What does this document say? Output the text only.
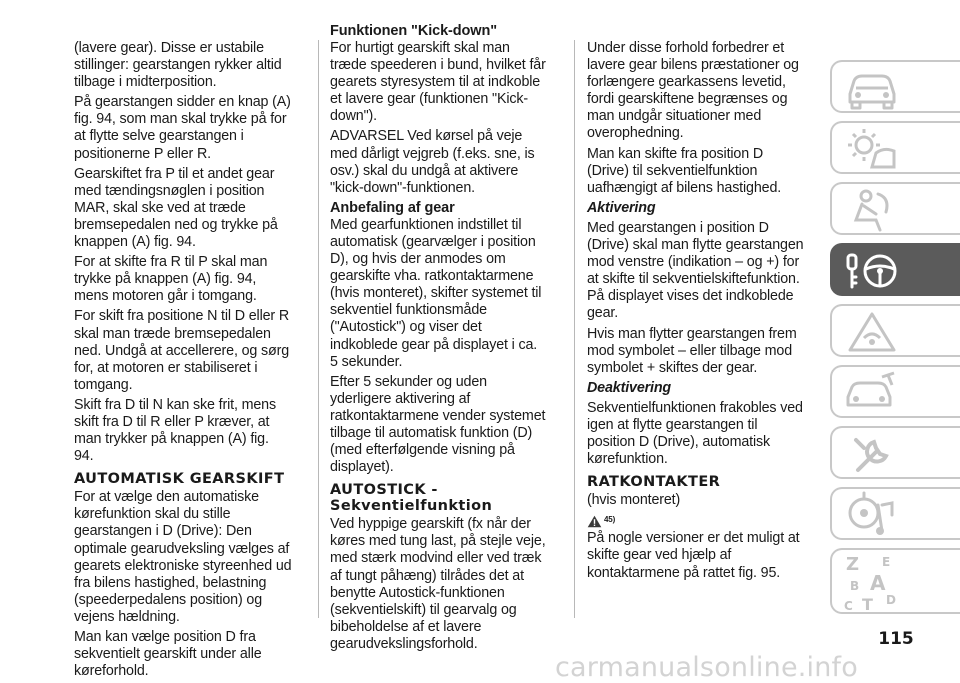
(lavere gear). Disse er ustabile stillinger: gearstangen rykker altid tilbage i midterposition.

På gearstangen sidder en knap (A) fig. 94, som man skal trykke på for at flytte selve gearstangen i positionerne P eller R.

Gearskiftet fra P til et andet gear med tændingsnøglen i position MAR, skal ske ved at træde bremsepedalen ned og trykke på knappen (A) fig. 94.

For at skifte fra R til P skal man trykke på knappen (A) fig. 94, mens motoren går i tomgang.

For skift fra positione N til D eller R skal man træde bremsepedalen ned. Undgå at accellerere, og sørg for, at motoren er stabiliseret i tomgang.

Skift fra D til N kan ske frit, mens skift fra D til R eller P kræver, at man trykker på knappen (A) fig. 94.

AUTOMATISK GEARSKIFT

For at vælge den automatiske kørefunktion skal du stille gearstangen i D (Drive): Den optimale gearudveksling vælges af gearets elektroniske styreenhed ud fra bilens hastighed, belastning (speederpedalens position) og vejens hældning.

Man kan vælge position D fra sekventielt gearskift under alle køreforhold.

Funktionen "Kick-down"

For hurtigt gearskift skal man træde speederen i bund, hvilket får gearets styresystem til at indkoble et lavere gear (funktionen "Kick-down").

ADVARSEL Ved kørsel på veje med dårligt vejgreb (f.eks. sne, is osv.) skal du undgå at aktivere "kick-down"-funktionen.

Anbefaling af gear

Med gearfunktionen indstillet til automatisk (gearvælger i position D), og hvis der anmodes om gearskifte vha. ratkontaktarmene (hvis monteret), skifter systemet til sekventiel funktionsmåde ("Autostick") og viser det indkoblede gear på displayet i ca. 5 sekunder.

Efter 5 sekunder og uden yderligere aktivering af ratkontaktarmene vender systemet tilbage til automatisk funktion (D) (med efterfølgende visning på displayet).

AUTOSTICK -
Sekventielfunktion

Ved hyppige gearskift (fx når der køres med tung last, på stejle veje, med stærk modvind eller ved træk af tungt påhæng) tilrådes det at benytte Autostick-funktionen (sekventielskift) til gearvalg og bibeholdelse af et lavere gearudvekslingsforhold.

Under disse forhold forbedrer et lavere gear bilens præstationer og forlængere gearkassens levetid, fordi gearskiftene begrænses og man undgår situationer med overophedning.

Man kan skifte fra position D (Drive) til sekventielfunktion uafhængigt af bilens hastighed.

Aktivering

Med gearstangen i position D (Drive) skal man flytte gearstangen mod venstre (indikation – og +) for at skifte til sekventielskiftefunktion. På displayet vises det indkoblede gear.

Hvis man flytter gearstangen frem mod symbolet – eller tilbage mod symbolet + skiftes der gear.

Deaktivering

Sekventielfunktionen frakobles ved igen at flytte gearstangen til position D (Drive), automatisk kørefunktion.

RATKONTAKTER

(hvis monteret)

45)

På nogle versioner er det muligt at skifte gear ved hjælp af kontaktarmene på rattet fig. 95.	Z E
B A
C T D
115
carmanualsonline.info
